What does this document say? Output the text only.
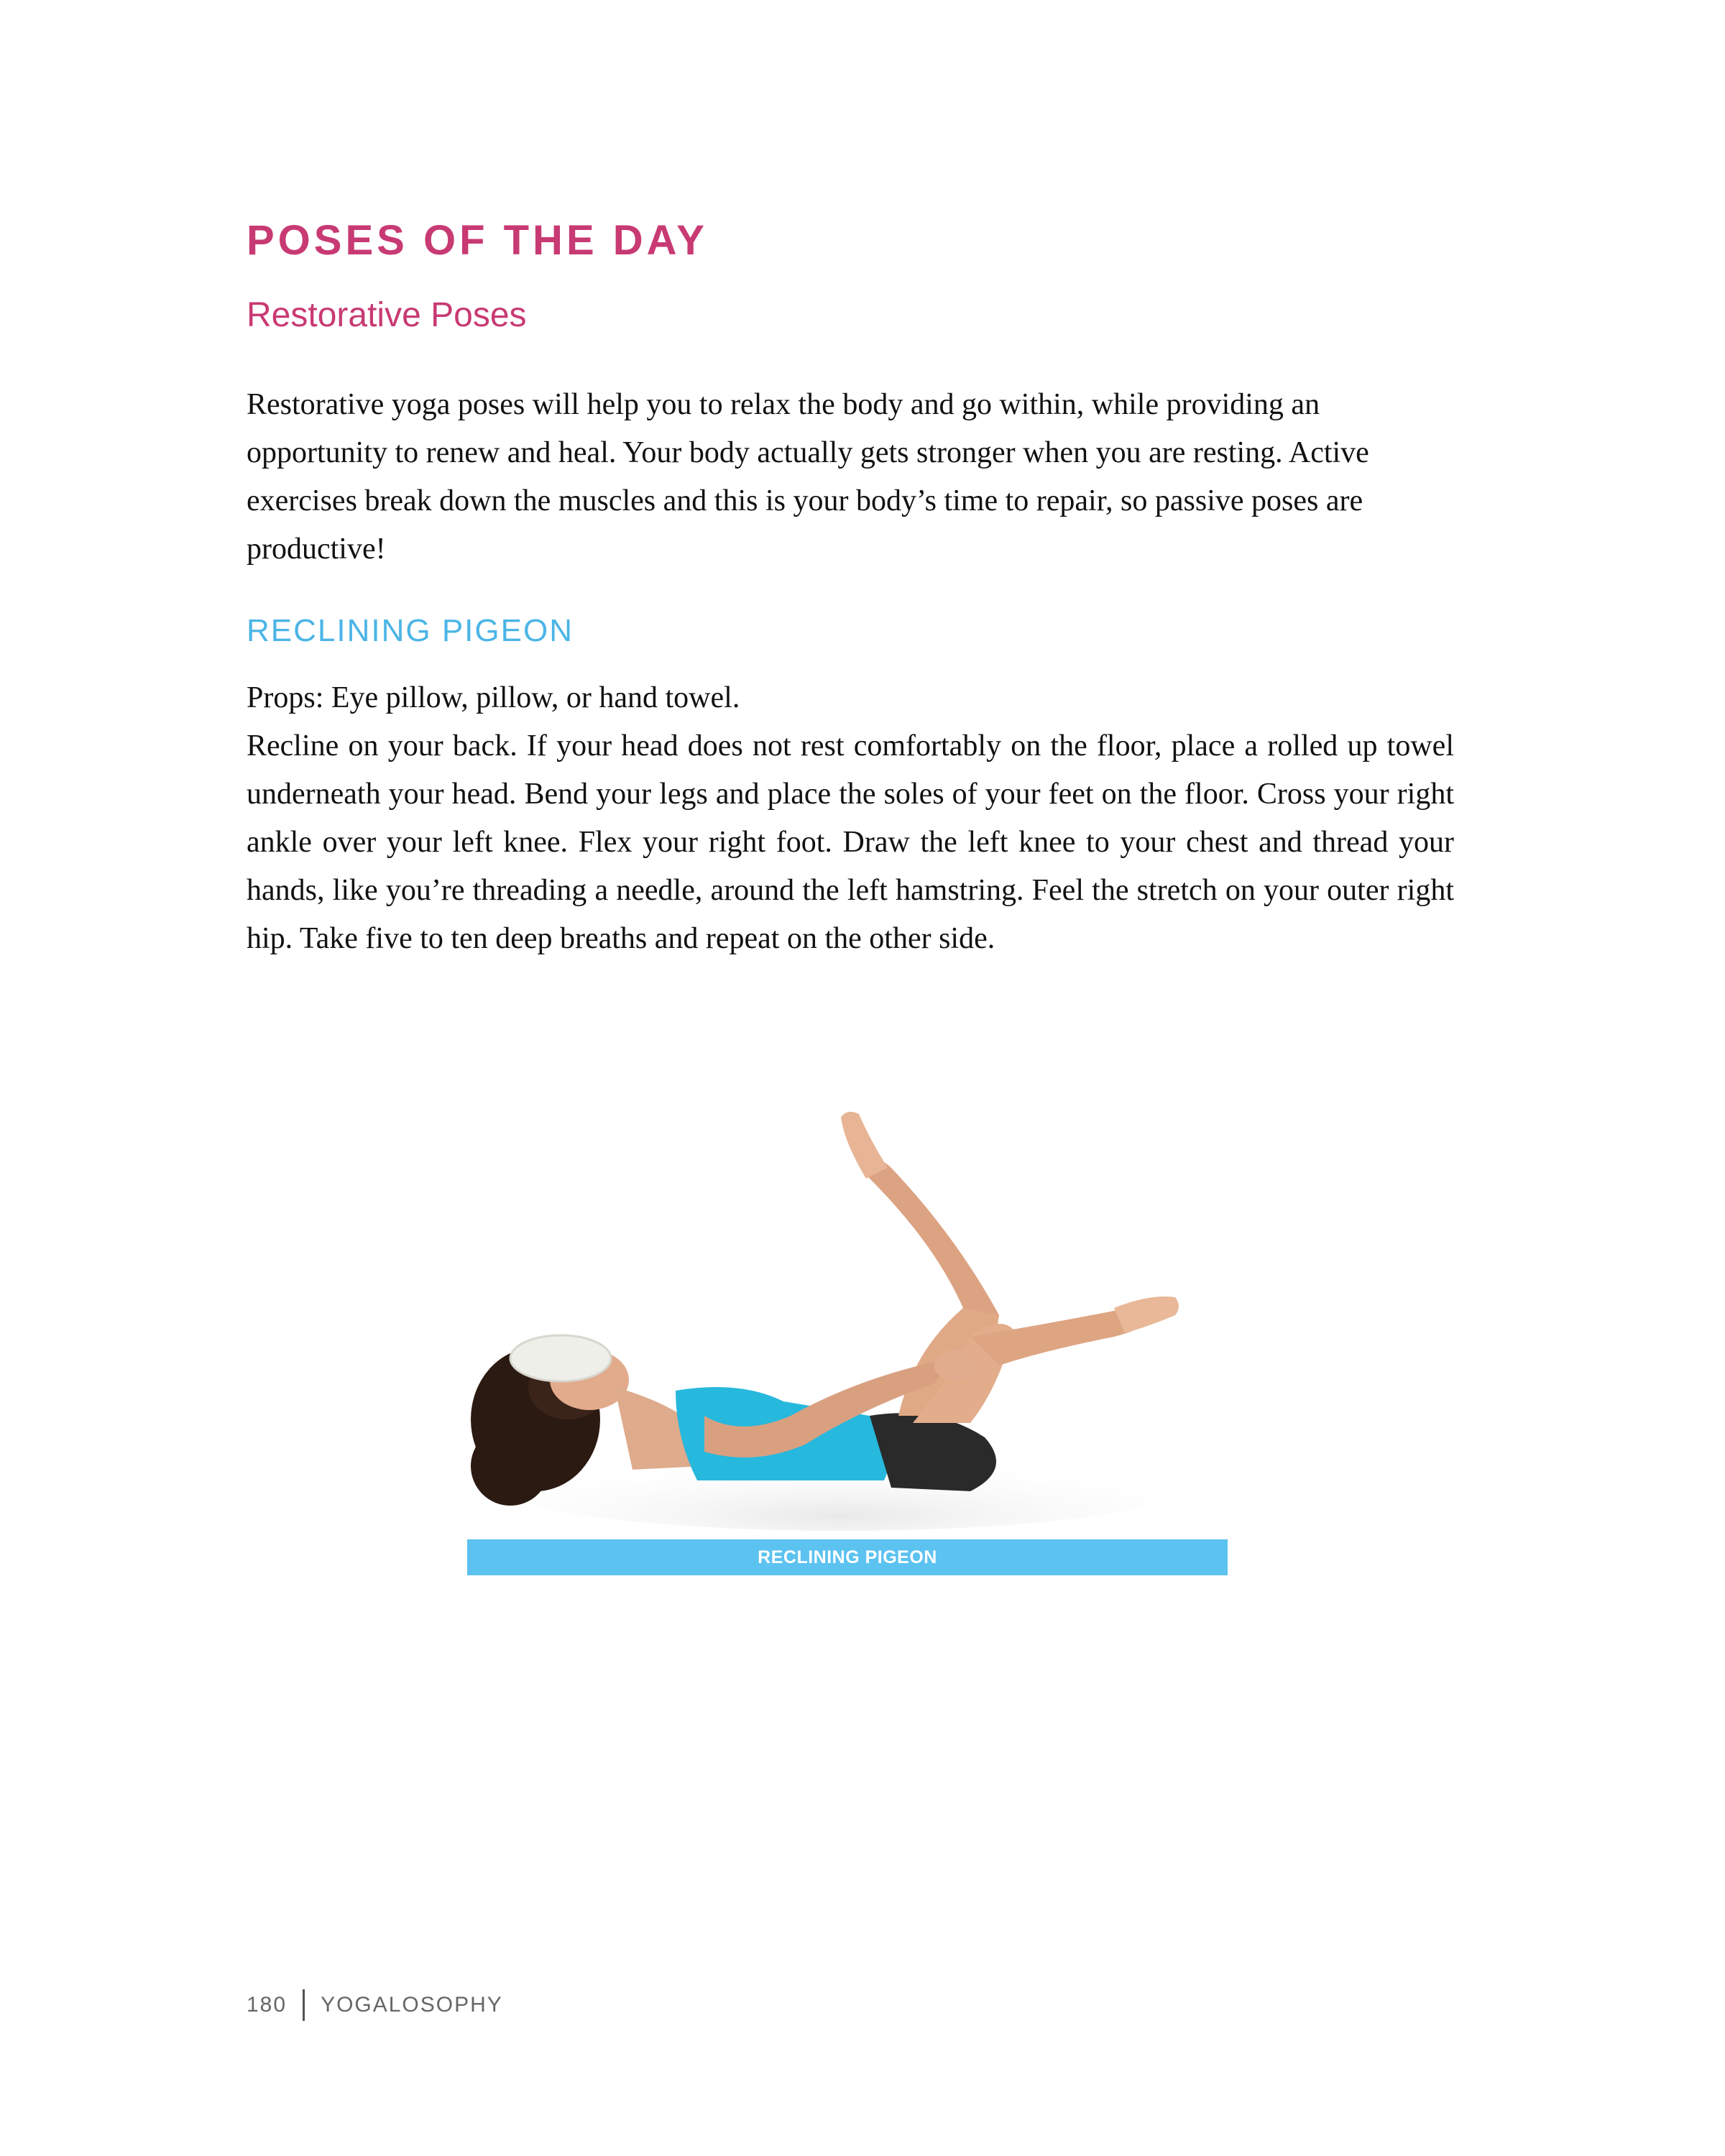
POSES OF THE DAY
Restorative Poses

Restorative yoga poses will help you to relax the body and go within, while providing an opportunity to renew and heal. Your body actually gets stronger when you are resting. Active exercises break down the muscles and this is your body’s time to repair, so passive poses are productive!

RECLINING PIGEON

Props: Eye pillow, pillow, or hand towel.

Recline on your back. If your head does not rest comfortably on the floor, place a rolled up towel underneath your head. Bend your legs and place the soles of your feet on the floor. Cross your right ankle over your left knee. Flex your right foot. Draw the left knee to your chest and thread your hands, like you’re threading a needle, around the left hamstring. Feel the stretch on your outer right hip. Take five to ten deep breaths and repeat on the other side.

RECLINING PIGEON
180 YOGALOSOPHY
